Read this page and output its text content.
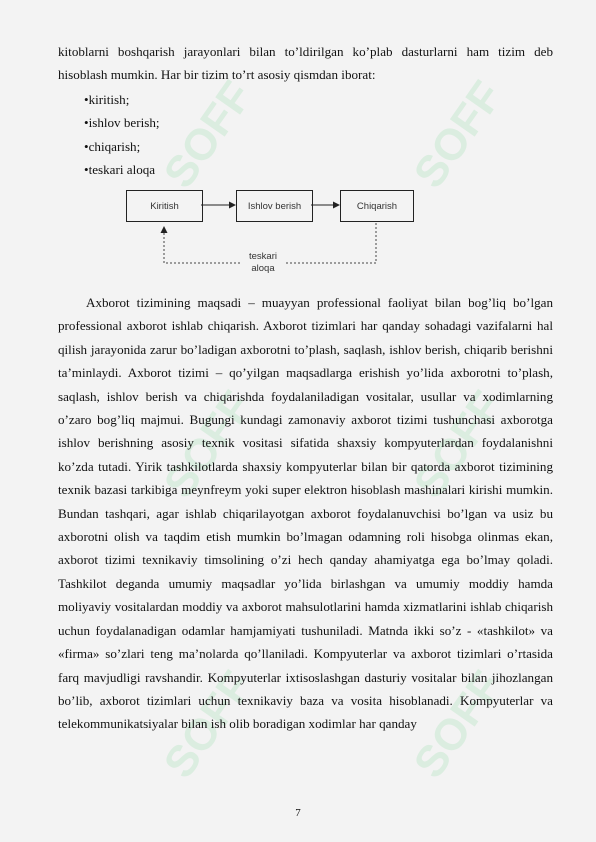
SOFF	SOFF
SOFF	SOFF
SOFF	SOFF
kitoblarni boshqarish jarayonlari bilan to’ldirilgan ko’plab dasturlarni ham tizim deb hisoblash mumkin. Har bir tizim to’rt asosiy qismdan iborat:
• kiritish;
• ishlov berish;
• chiqarish;
• teskari aloqa
Kiritish	Ishlov berish	Chiqarish
teskari
aloqa
Axborot tizimining maqsadi – muayyan professional faoliyat bilan bog’liq bo’lgan professional axborot ishlab chiqarish. Axborot tizimlari har qanday sohadagi vazifalarni hal qilish jarayonida zarur bo’ladigan axborotni to’plash, saqlash, ishlov berish, chiqarib berishni ta’minlaydi. Axborot tizimi – qo’yilgan maqsadlarga erishish yo’lida axborotni to’plash, saqlash, ishlov berish va chiqarishda foydalaniladigan vositalar, usullar va xodimlarning o’zaro bog’liq majmui. Bugungi kundagi zamonaviy axborot tizimi tushunchasi axborotga ishlov berishning asosiy texnik vositasi sifatida shaxsiy kompyuterlardan foydalanishni ko’zda tutadi. Yirik tashkilotlarda shaxsiy kompyuterlar bilan bir qatorda axborot tizimining texnik bazasi tarkibiga meynfreym yoki super elektron hisoblash mashinalari kirishi mumkin. Bundan tashqari, agar ishlab chiqarilayotgan axborot foydalanuvchisi bo’lgan va usiz bu axborotni olish va taqdim etish mumkin bo’lmagan odamning roli hisobga olinmas ekan, axborot tizimi texnikaviy timsolining o’zi hech qanday ahamiyatga ega bo’lmay qoladi. Tashkilot deganda umumiy maqsadlar yo’lida birlashgan va umumiy moddiy hamda moliyaviy vositalardan moddiy va axborot mahsulotlarini hamda xizmatlarini ishlab chiqarish uchun foydalanadigan odamlar hamjamiyati tushuniladi. Matnda ikki so’z - «tashkilot» va «firma» so’zlari teng ma’nolarda qo’llaniladi. Kompyuterlar va axborot tizimlari o’rtasida farq mavjudligi ravshandir. Kompyuterlar ixtisoslashgan dasturiy vositalar bilan jihozlangan bo’lib, axborot tizimlari uchun texnikaviy baza va vosita hisoblanadi. Kompyuterlar va telekommunikatsiyalar bilan ish olib boradigan xodimlar har qanday
7
